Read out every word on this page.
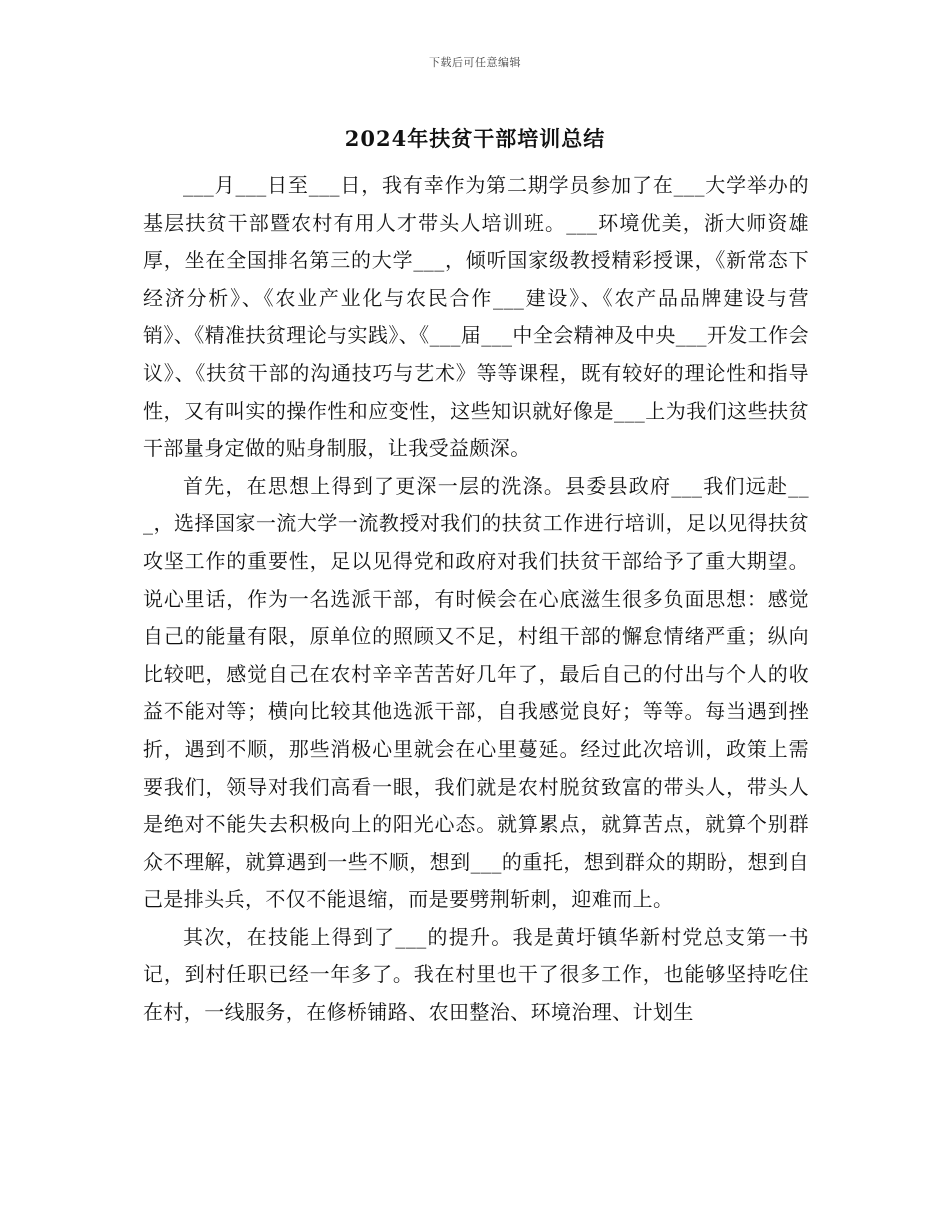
下载后可任意编辑
2024年扶贫干部培训总结

___月___日至___日，我有幸作为第二期学员参加了在___大学举办的基层扶贫干部暨农村有用人才带头人培训班。___环境优美，浙大师资雄厚，坐在全国排名第三的大学___，倾听国家级教授精彩授课，《新常态下经济分析》、《农业产业化与农民合作___建设》、《农产品品牌建设与营销》、《精准扶贫理论与实践》、《___届___中全会精神及中央___开发工作会议》、《扶贫干部的沟通技巧与艺术》等等课程，既有较好的理论性和指导性，又有叫实的操作性和应变性，这些知识就好像是___上为我们这些扶贫干部量身定做的贴身制服，让我受益颇深。

首先，在思想上得到了更深一层的洗涤。县委县政府___我们远赴___，选择国家一流大学一流教授对我们的扶贫工作进行培训，足以见得扶贫攻坚工作的重要性，足以见得党和政府对我们扶贫干部给予了重大期望。说心里话，作为一名选派干部，有时候会在心底滋生很多负面思想：感觉自己的能量有限，原单位的照顾又不足，村组干部的懈怠情绪严重；纵向比较吧，感觉自己在农村辛辛苦苦好几年了，最后自己的付出与个人的收益不能对等；横向比较其他选派干部，自我感觉良好；等等。每当遇到挫折，遇到不顺，那些消极心里就会在心里蔓延。经过此次培训，政策上需要我们，领导对我们高看一眼，我们就是农村脱贫致富的带头人，带头人是绝对不能失去积极向上的阳光心态。就算累点，就算苦点，就算个别群众不理解，就算遇到一些不顺，想到___的重托，想到群众的期盼，想到自己是排头兵，不仅不能退缩，而是要劈荆斩刺，迎难而上。

其次，在技能上得到了___的提升。我是黄圩镇华新村党总支第一书记，到村任职已经一年多了。我在村里也干了很多工作，也能够坚持吃住在村，一线服务，在修桥铺路、农田整治、环境治理、计划生
